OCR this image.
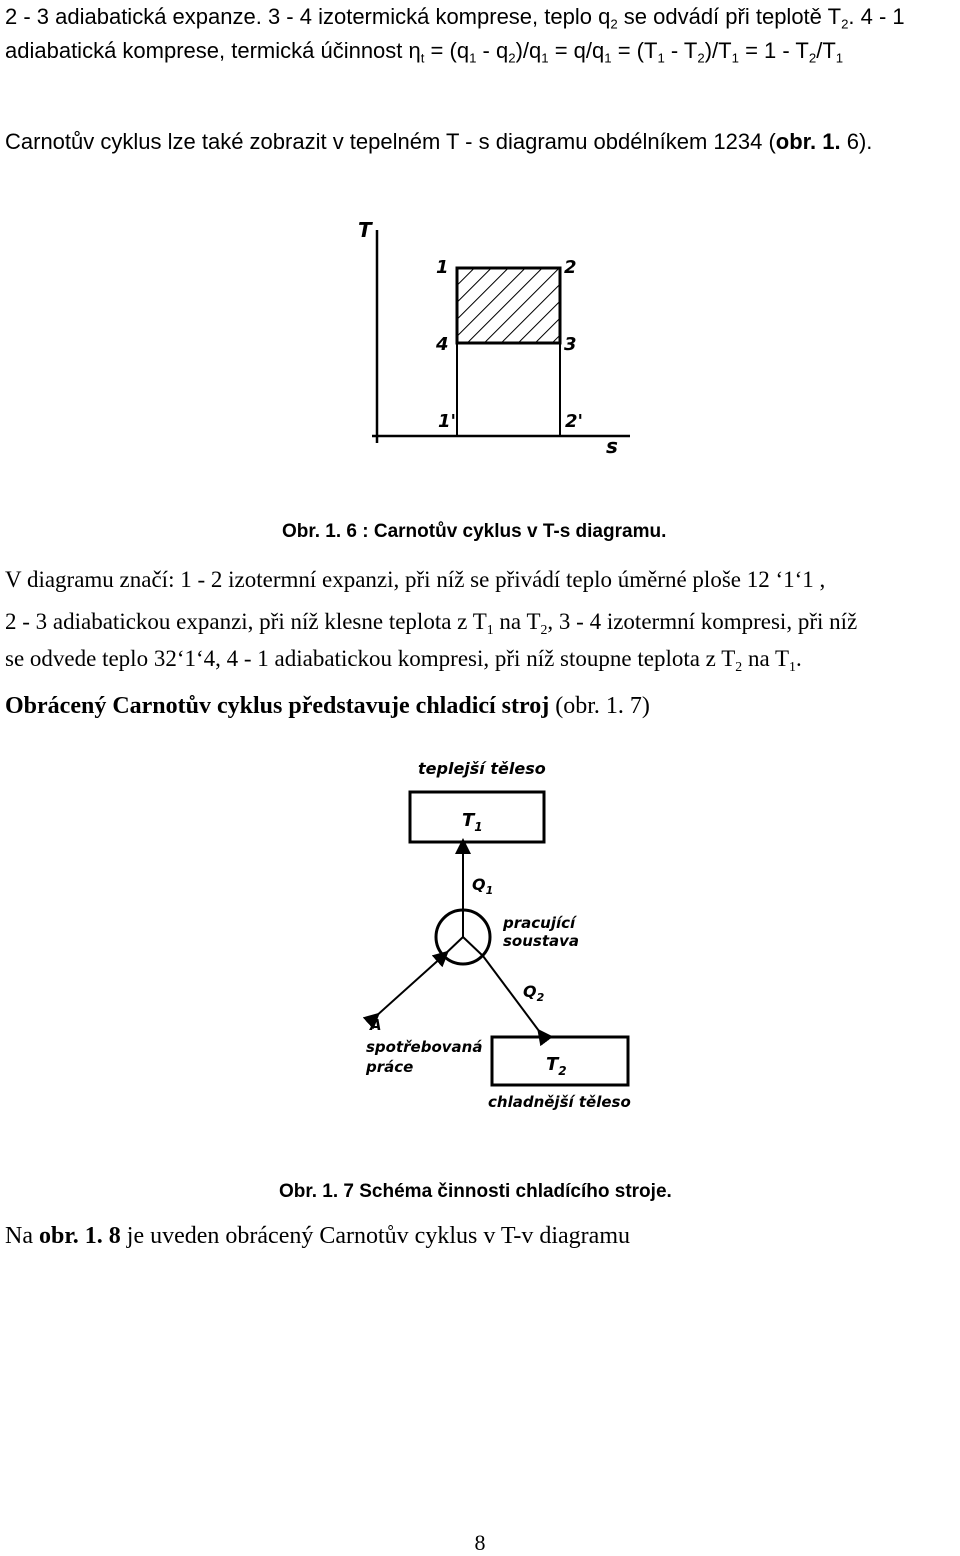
2 - 3 adiabatická expanze. 3 - 4 izotermická komprese, teplo $q_2$ se odvádí při teplotě $T_2$. 4 - 1
adiabatická komprese, termická účinnost $\eta_t = (q_1 - q_2)/q_1 = q/q_1 = (T_1 - T_2)/T_1 = 1 - T_2/T_1$
Carnotův cyklus lze také zobrazit v tepelném T - s diagramu obdélníkem 1234 (obr. 1. 6).
T
1	2
4	3
1'	2'
s
Obr. 1. 6 : Carnotův cyklus v T-s diagramu.
V diagramu značí: 1 - 2 izotermní expanzi, při níž se přivádí teplo úměrné ploše 12 ‘1‘1 ,
2 - 3 adiabatickou expanzi, při níž klesne teplota z $T_1$ na $T_2$, 3 - 4 izotermní kompresi, při níž
se odvede teplo 32‘1‘4, 4 - 1 adiabatickou kompresi, při níž stoupne teplota z $T_2$ na $T_1$.
Obrácený Carnotův cyklus představuje chladicí stroj (obr. 1. 7)
teplejší těleso
$T_1$
$Q_1$
pracující
soustava
A
spotřebovaná
práce
$Q_2$
$T_2$
chladnější těleso
Obr. 1. 7 Schéma činnosti chladícího stroje.
Na obr. 1. 8 je uveden obrácený Carnotův cyklus v T-v diagramu
8
